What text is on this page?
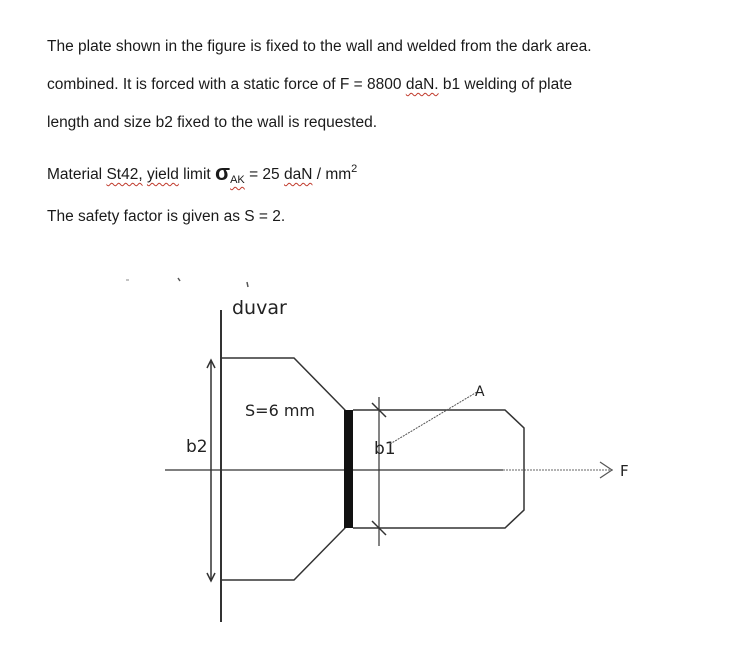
The plate shown in the figure is fixed to the wall and welded from the dark area.
combined. It is forced with a static force of F = 8800 daN. b1 welding of plate
length and size b2 fixed to the wall is requested.
Material St42, yield limit $\sigma_{AK} = 25$ daN / $mm^2$
The safety factor is given as S = 2.
duvar
b2
F
S=6 mm
b1
A
